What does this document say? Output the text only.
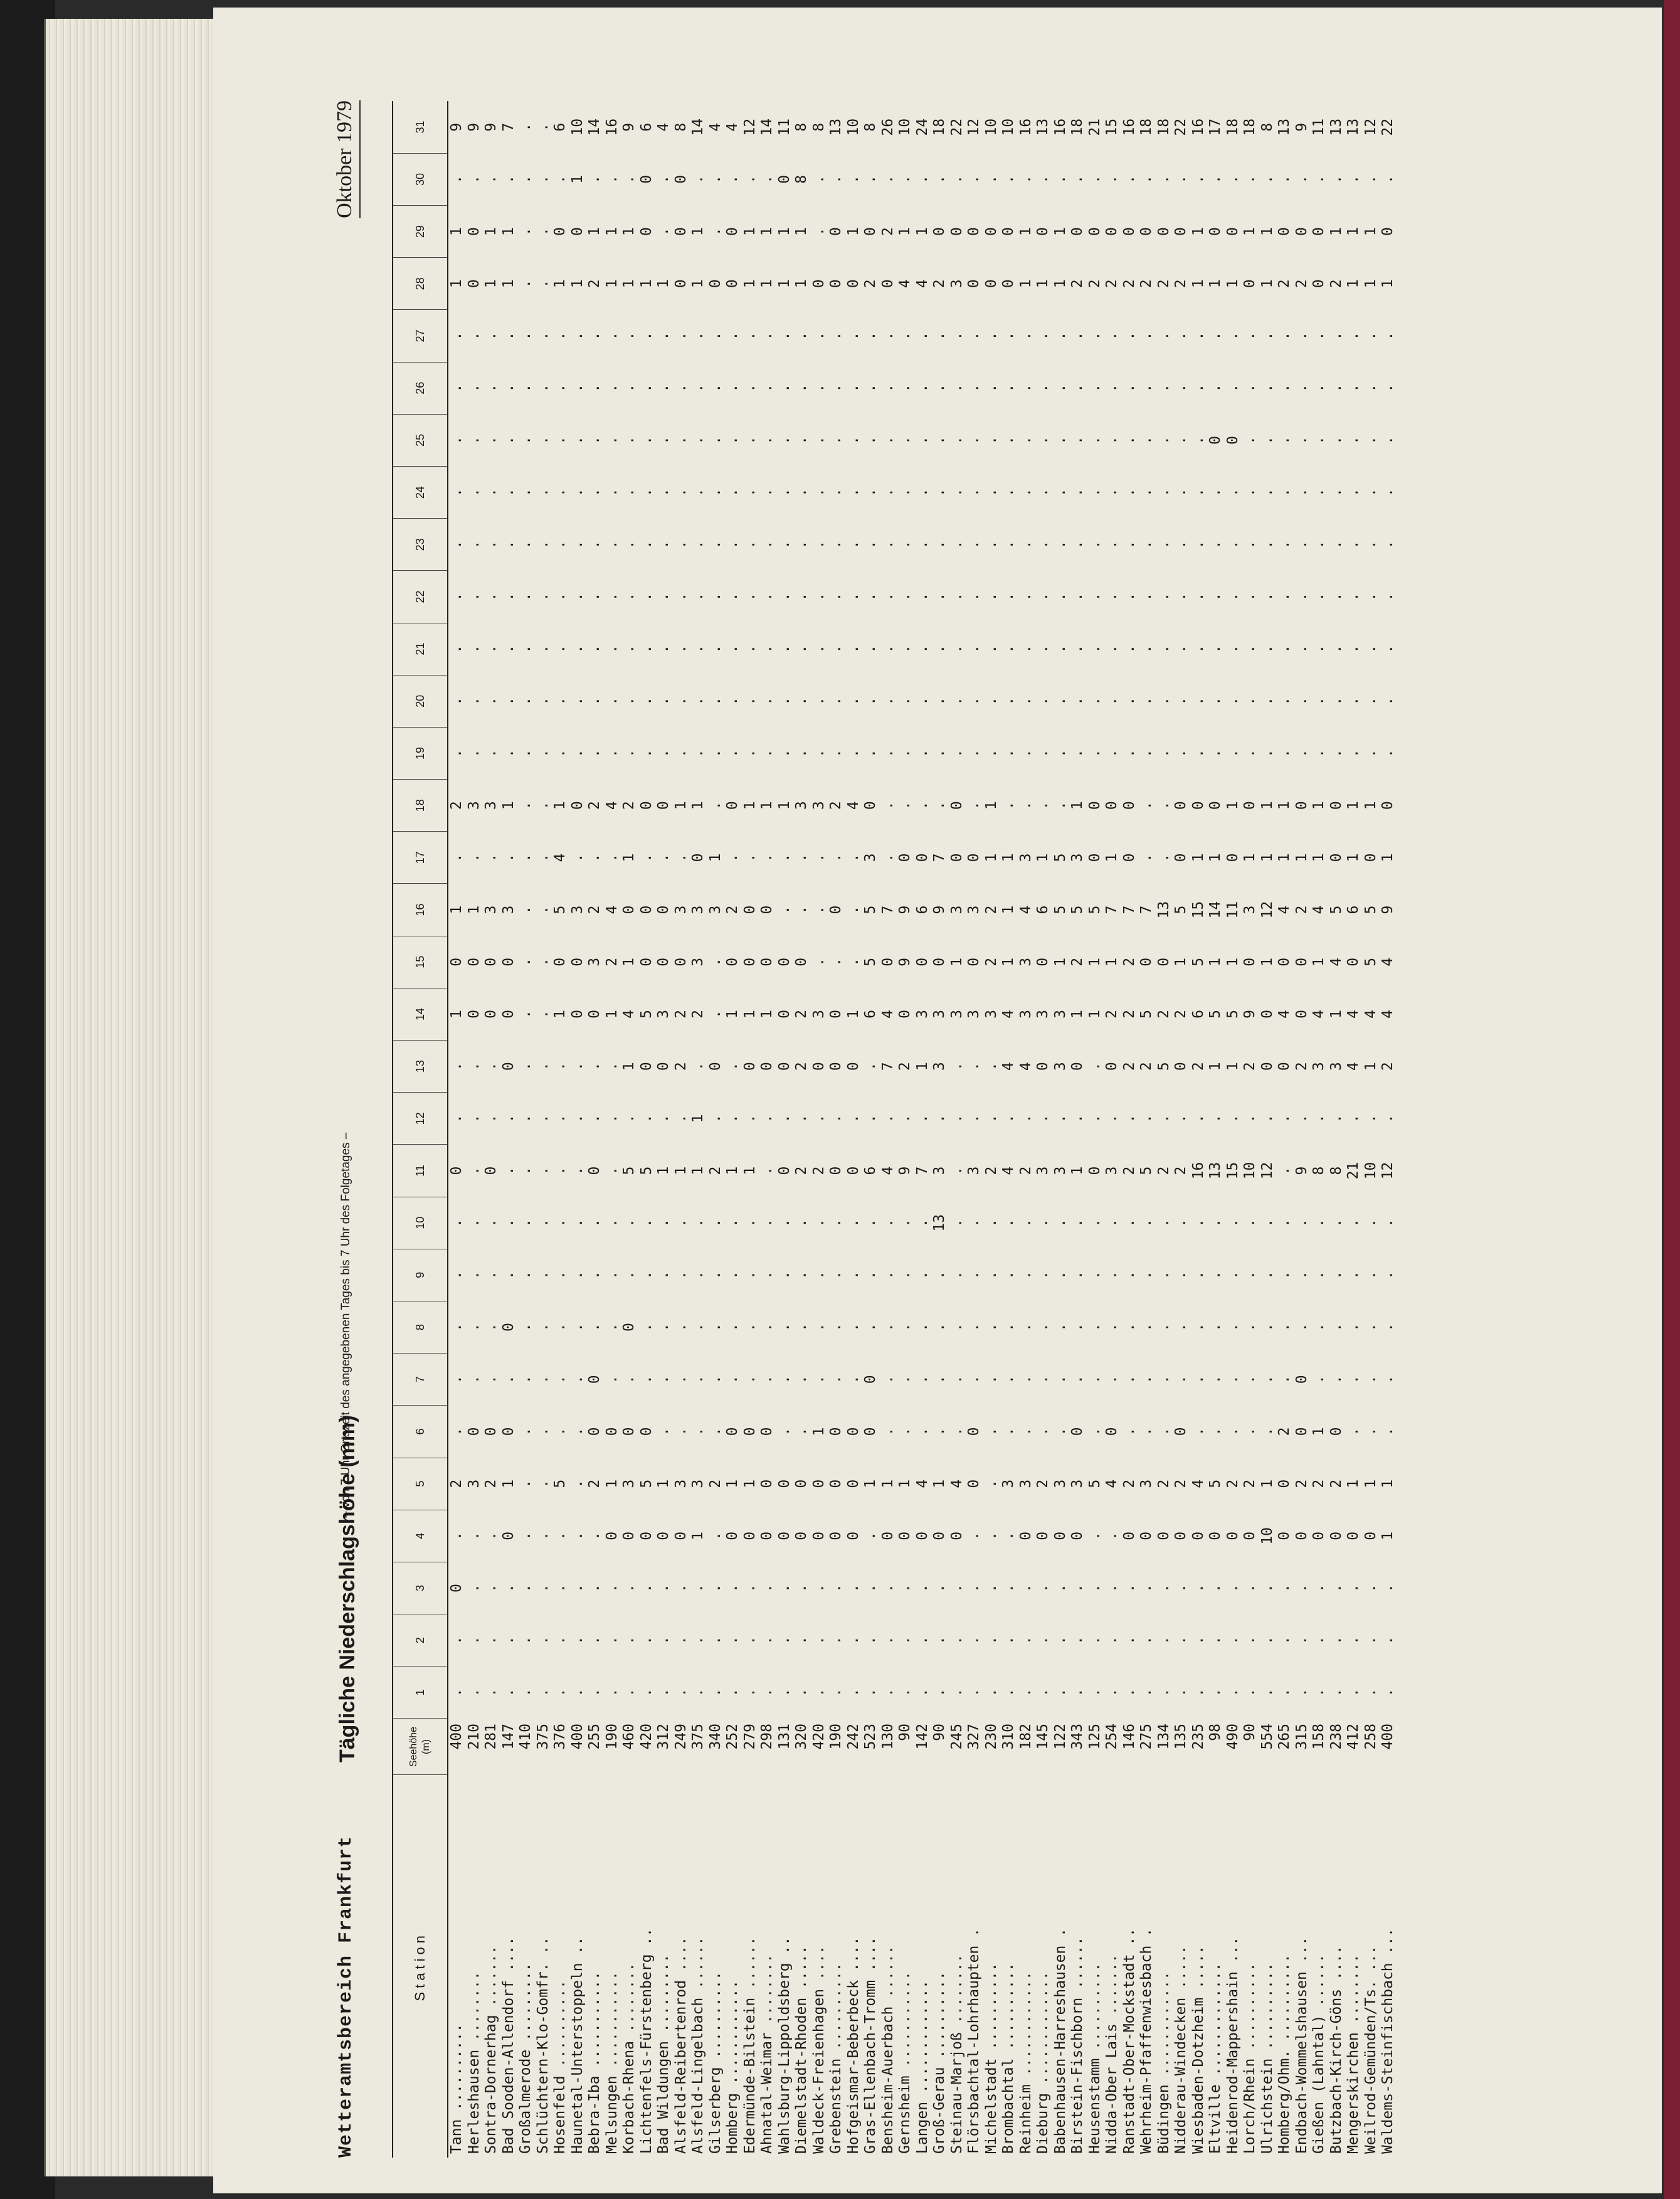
Wetteramtsbereich Frankfurt
Tägliche Niederschlagshöhe (mm)
– von 7 Uhr Ortszeit des angegebenen Tages bis 7 Uhr des Folgetages –
Oktober 1979
Station	Seehöhe (m)	1	2	3	4	5	6	7	8	9	10	11	12	13	14	15	16	17	18	19	20	21	22	23	24	25	26	27	28	29	30	31
Tann ..........	400	.	.	0	.	2	.	.	.	.	.	0	.	.	1	0	1	.	2	.	.	.	.	.	.	.	.	.	1	1	.	9
Herleshausen ........	210	.	.	.	.	3	0	.	.	.	.	.	.	.	0	0	1	.	3	.	.	.	.	.	.	.	.	.	0	0	.	9
Sontra-Dornerhag .......	281	.	.	.	.	2	0	.	.	.	.	0	.	.	0	0	3	.	3	.	.	.	.	.	.	.	.	.	1	1	.	9
Bad Sooden-Allendorf ....	147	.	.	.	0	1	0	.	0	.	.	.	.	0	0	0	3	.	1	.	.	.	.	.	.	.	.	.	1	1	.	7
Großalmerode .........	410	.	.	.	.	.	.	.	.	.	.	.	.	.	.	.	.	.	.	.	.	.	.	.	.	.	.	.	.	.	.	.
Schlüchtern-Klo-Gomfr. ..	375	.	.	.	.	.	.	.	.	.	.	.	.	.	.	.	.	.	.	.	.	.	.	.	.	.	.	.	.	.	.	.
Hosenfeld ..........	376	.	.	.	.	5	.	.	.	.	.	.	.	.	1	0	5	4	1	.	.	.	.	.	.	.	.	.	1	0	.	6
Haunetal-Unterstoppeln ..	400	.	.	.	.	.	.	.	.	.	.	.	.	.	0	0	3	.	0	.	.	.	.	.	.	.	.	.	1	0	1	10
Bebra-Iba ...........	255	.	.	.	.	2	0	0	.	.	.	0	.	.	0	3	2	.	2	.	.	.	.	.	.	.	.	.	2	1	.	14
Melsungen ...........	190	.	.	.	0	1	0	.	.	.	.	.	.	.	1	2	4	.	4	.	.	.	.	.	.	.	.	.	1	1	.	16
Korbach-Rhena ........	460	.	.	.	0	3	0	.	0	.	.	5	.	1	4	1	0	1	2	.	.	.	.	.	.	.	.	.	1	1	.	9
Lichtenfels-Fürstenberg ..	420	.	.	.	0	5	0	.	.	.	.	5	.	0	5	0	0	.	0	.	.	.	.	.	.	.	.	.	1	0	0	6
Bad Wildungen .........	312	.	.	.	0	1	.	.	.	.	.	1	.	0	3	0	0	.	0	.	.	.	.	.	.	.	.	.	1	.	.	4
Alsfeld-Reibertenrod ....	249	.	.	.	0	3	.	.	.	.	.	1	.	2	2	0	3	.	1	.	.	.	.	.	.	.	.	.	0	0	0	8
Alsfeld-Lingelbach ......	375	.	.	.	1	3	.	.	.	.	.	1	1	.	2	3	3	0	1	.	.	.	.	.	.	.	.	.	1	1	.	14
Gilserberg ..........	340	.	.	.	.	2	.	.	.	.	.	2	.	0	.	.	3	1	.	.	.	.	.	.	.	.	.	.	0	.	.	4
Homberg ............	252	.	.	.	0	1	0	.	.	.	.	1	.	.	1	0	2	.	0	.	.	.	.	.	.	.	.	.	0	0	.	4
Edermünde-Bilstein ......	279	.	.	.	0	1	0	.	.	.	.	1	.	0	1	0	0	.	1	.	.	.	.	.	.	.	.	.	1	1	.	12
Ahnatal-Weimar ........	298	.	.	.	0	0	0	.	.	.	.	.	.	0	1	0	0	.	1	.	.	.	.	.	.	.	.	.	1	1	.	14
Wahlsburg-Lippoldsberg ..	131	.	.	.	0	0	.	.	.	.	.	0	.	0	0	0	.	.	1	.	.	.	.	.	.	.	.	.	1	1	0	11
Diemelstadt-Rhoden .....	320	.	.	.	0	0	.	.	.	.	.	2	.	2	2	0	.	.	3	.	.	.	.	.	.	.	.	.	1	1	8	8
Waldeck-Freienhagen ....	420	.	.	.	0	0	1	.	.	.	.	2	.	0	3	.	.	.	3	.	.	.	.	.	.	.	.	.	0	.	.	8
Grebenstein ..........	190	.	.	.	0	0	0	.	.	.	.	0	.	0	0	.	0	.	2	.	.	.	.	.	.	.	.	.	0	0	.	13
Hofgeismar-Beberbeck ....	242	.	.	.	0	0	0	.	.	.	.	0	.	0	1	.	.	.	4	.	.	.	.	.	.	.	.	.	0	1	.	10
Gras-Ellenbach-Tromm ....	523	.	.	.	.	1	0	0	.	.	.	6	.	.	6	5	5	3	0	.	.	.	.	.	.	.	.	.	2	0	.	8
Bensheim-Auerbach ......	130	.	.	.	0	1	.	.	.	.	.	4	.	7	4	0	7	.	.	.	.	.	.	.	.	.	.	.	0	2	.	26
Gernsheim ...........	90	.	.	.	0	1	.	.	.	.	.	9	.	2	0	9	9	0	.	.	.	.	.	.	.	.	.	.	4	1	.	10
Langen .............	142	.	.	.	0	4	.	.	.	.	.	7	.	1	3	0	6	0	.	.	.	.	.	.	.	.	.	.	4	1	.	24
Groß-Gerau ..........	90	.	.	.	0	1	.	.	.	.	13	3	.	3	3	0	9	7	.	.	.	.	.	.	.	.	.	.	2	0	.	18
Steinau-Marjoß ........	245	.	.	.	0	4	.	.	.	.	.	.	.	.	3	1	3	0	0	.	.	.	.	.	.	.	.	.	3	0	.	22
Flörsbachtal-Lohrhaupten .	327	.	.	.	.	0	0	.	.	.	.	3	.	.	3	0	3	0	.	.	.	.	.	.	.	.	.	.	0	0	.	12
Michelstadt ..........	230	.	.	.	.	.	.	.	.	.	.	2	.	.	3	2	2	1	1	.	.	.	.	.	.	.	.	.	0	0	.	10
Brombachtal ..........	310	.	.	.	.	3	.	.	.	.	.	4	.	4	4	1	1	1	.	.	.	.	.	.	.	.	.	.	0	0	.	10
Reinheim ............	182	.	.	.	0	3	.	.	.	.	.	2	.	4	3	3	4	3	.	.	.	.	.	.	.	.	.	.	1	1	.	16
Dieburg .............	145	.	.	.	0	2	.	.	.	.	.	3	.	0	3	0	6	1	.	.	.	.	.	.	.	.	.	.	1	0	.	13
Babenhausen-Harreshausen .	122	.	.	.	0	3	.	.	.	.	.	3	.	3	3	1	5	5	.	.	.	.	.	.	.	.	.	.	1	1	.	16
Birstein-Fischborn ......	343	.	.	.	0	3	0	.	.	.	.	1	.	0	1	2	5	3	1	.	.	.	.	.	.	.	.	.	2	0	.	18
Heusenstamm ..........	125	.	.	.	.	5	.	.	.	.	.	0	.	.	1	1	5	0	0	.	.	.	.	.	.	.	.	.	2	0	.	21
Nidda-Ober Lais .......	254	.	.	.	.	4	0	.	.	.	.	3	.	0	2	1	7	1	0	.	.	.	.	.	.	.	.	.	2	0	.	15
Ranstadt-Ober-Mockstadt ..	146	.	.	.	0	2	.	.	.	.	.	2	.	2	2	2	7	0	0	.	.	.	.	.	.	.	.	.	2	0	.	16
Wehrheim-Pfaffenwiesbach .	275	.	.	.	0	3	.	.	.	.	.	5	.	2	5	0	7	.	.	.	.	.	.	.	.	.	.	.	2	0	.	18
Büdingen ............	134	.	.	.	0	2	.	.	.	.	.	2	.	5	2	0	13	.	.	.	.	.	.	.	.	.	.	.	2	0	.	18
Nidderau-Windecken .....	135	.	.	.	0	2	0	.	.	.	.	2	.	0	2	1	5	0	0	.	.	.	.	.	.	.	.	.	2	0	.	22
Wiesbaden-Dotzheim .....	235	.	.	.	0	4	.	.	.	.	.	16	.	2	6	5	15	1	0	.	.	.	.	.	.	.	.	.	1	1	.	16
Eltville .............	98	.	.	.	0	5	.	.	.	.	.	13	.	1	5	1	14	1	0	.	.	.	.	.	.	0	.	.	1	0	.	17
Heidenrod-Mappershain ...	490	.	.	.	0	2	.	.	.	.	.	15	.	1	5	1	11	0	1	.	.	.	.	.	.	0	.	.	1	0	.	18
Lorch/Rhein ..........	90	.	.	.	0	2	.	.	.	.	.	10	.	2	9	0	3	1	0	.	.	.	.	.	.	.	.	.	0	1	.	18
Ulrichstein ..........	554	.	.	.	10	1	.	.	.	.	.	12	.	0	0	1	12	1	1	.	.	.	.	.	.	.	.	.	1	1	.	8
Homberg/Ohm. ..........	265	.	.	.	0	0	2	.	.	.	.	.	.	0	4	0	4	1	1	.	.	.	.	.	.	.	.	.	2	0	.	13
Endbach-Wommelshausen ...	315	.	.	.	0	2	0	0	.	.	.	9	.	2	0	0	2	1	0	.	.	.	.	.	.	.	.	.	2	0	.	9
Gießen (Lahntal) ......	158	.	.	.	0	2	1	.	.	.	.	8	.	3	4	1	4	1	1	.	.	.	.	.	.	.	.	.	0	0	.	11
Butzbach-Kirch-Göns ....	238	.	.	.	0	2	0	.	.	.	.	8	.	3	1	4	5	0	0	.	.	.	.	.	.	.	.	.	2	1	.	13
Mengerskirchen ........	412	.	.	.	0	1	.	.	.	.	.	21	.	4	4	0	6	1	1	.	.	.	.	.	.	.	.	.	1	1	.	13
Weilrod-Gemünden/Ts. ...	258	.	.	.	0	1	.	.	.	.	.	10	.	1	4	5	5	0	1	.	.	.	.	.	.	.	.	.	1	1	.	12
Waldems-Steinfischbach ...	400	.	.	.	1	1	.	.	.	.	.	12	.	2	4	4	9	1	0	.	.	.	.	.	.	.	.	.	1	0	.	22
